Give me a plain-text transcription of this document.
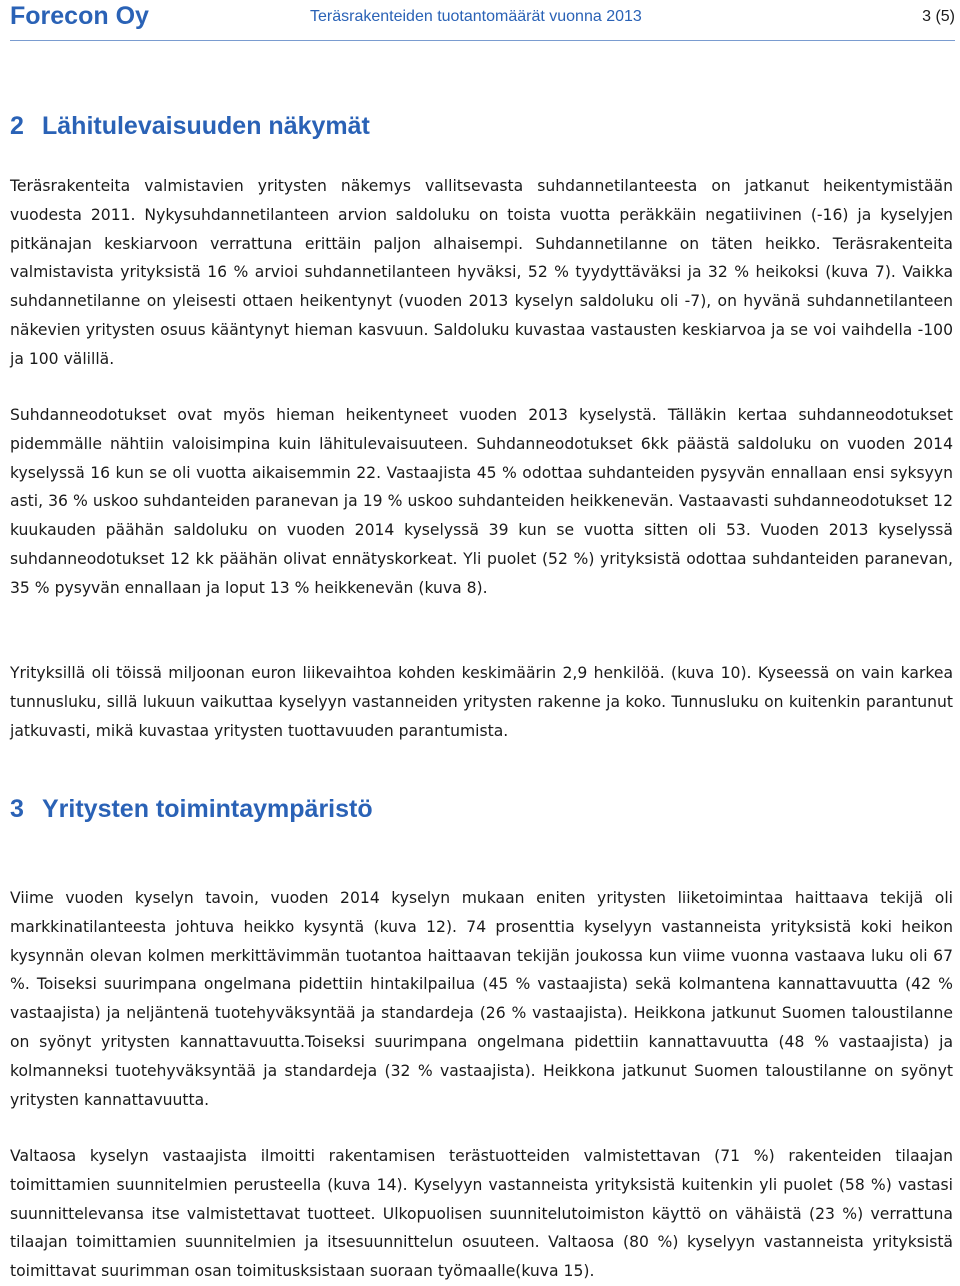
Forecon Oy	Teräsrakenteiden tuotantomäärät vuonna 2013	3 (5)
2 Lähitulevaisuuden näkymät

Teräsrakenteita valmistavien yritysten näkemys vallitsevasta suhdannetilanteesta on jatkanut heikentymistään vuodesta 2011. Nykysuhdannetilanteen arvion saldoluku on toista vuotta peräkkäin negatiivinen (-16) ja kyselyjen pitkänajan keskiarvoon verrattuna erittäin paljon alhaisempi. Suhdannetilanne on täten heikko. Teräsrakenteita valmistavista yrityksistä 16 % arvioi suhdannetilanteen hyväksi, 52 % tyydyttäväksi ja 32 % heikoksi (kuva 7). Vaikka suhdannetilanne on yleisesti ottaen heikentynyt (vuoden 2013 kyselyn saldoluku oli -7), on hyvänä suhdannetilanteen näkevien yritysten osuus kääntynyt hieman kasvuun. Saldoluku kuvastaa vastausten keskiarvoa ja se voi vaihdella -100 ja 100 välillä.

Suhdanneodotukset ovat myös hieman heikentyneet vuoden 2013 kyselystä. Tälläkin kertaa suhdanneodotukset pidemmälle nähtiin valoisimpina kuin lähitulevaisuuteen. Suhdanneodotukset 6kk päästä saldoluku on vuoden 2014 kyselyssä 16 kun se oli vuotta aikaisemmin 22. Vastaajista 45 % odottaa suhdanteiden pysyvän ennallaan ensi syksyyn asti, 36 % uskoo suhdanteiden paranevan ja 19 % uskoo suhdanteiden heikkenevän. Vastaavasti suhdanneodotukset 12 kuukauden päähän saldoluku on vuoden 2014 kyselyssä 39 kun se vuotta sitten oli 53. Vuoden 2013 kyselyssä suhdanneodotukset 12 kk päähän olivat ennätyskorkeat. Yli puolet (52 %) yrityksistä odottaa suhdanteiden paranevan, 35 % pysyvän ennallaan ja loput 13 % heikkenevän (kuva 8).

Yrityksillä oli töissä miljoonan euron liikevaihtoa kohden keskimäärin 2,9 henkilöä. (kuva 10). Kyseessä on vain karkea tunnusluku, sillä lukuun vaikuttaa kyselyyn vastanneiden yritysten rakenne ja koko. Tunnusluku on kuitenkin parantunut jatkuvasti, mikä kuvastaa yritysten tuottavuuden parantumista.

3 Yritysten toimintaympäristö

Viime vuoden kyselyn tavoin, vuoden 2014 kyselyn mukaan eniten yritysten liiketoimintaa haittaava tekijä oli markkinatilanteesta johtuva heikko kysyntä (kuva 12). 74 prosenttia kyselyyn vastanneista yrityksistä koki heikon kysynnän olevan kolmen merkittävimmän tuotantoa haittaavan tekijän joukossa kun viime vuonna vastaava luku oli 67 %. Toiseksi suurimpana ongelmana pidettiin hintakilpailua (45 % vastaajista) sekä kolmantena kannattavuutta (42 % vastaajista) ja neljäntenä tuotehyväksyntää ja standardeja (26 % vastaajista). Heikkona jatkunut Suomen taloustilanne on syönyt yritysten kannattavuutta.Toiseksi suurimpana ongelmana pidettiin kannattavuutta (48 % vastaajista) ja kolmanneksi tuotehyväksyntää ja standardeja (32 % vastaajista). Heikkona jatkunut Suomen taloustilanne on syönyt yritysten kannattavuutta.

Valtaosa kyselyn vastaajista ilmoitti rakentamisen terästuotteiden valmistettavan (71 %) rakenteiden tilaajan toimittamien suunnitelmien perusteella (kuva 14). Kyselyyn vastanneista yrityksistä kuitenkin yli puolet (58 %) vastasi suunnittelevansa itse valmistettavat tuotteet. Ulkopuolisen suunnitelutoimiston käyttö on vähäistä (23 %) verrattuna tilaajan toimittamien suunnitelmien ja itsesuunnittelun osuuteen. Valtaosa (80 %) kyselyyn vastanneista yrityksistä toimittavat suurimman osan toimitusksistaan suoraan työmaalle(kuva 15).
